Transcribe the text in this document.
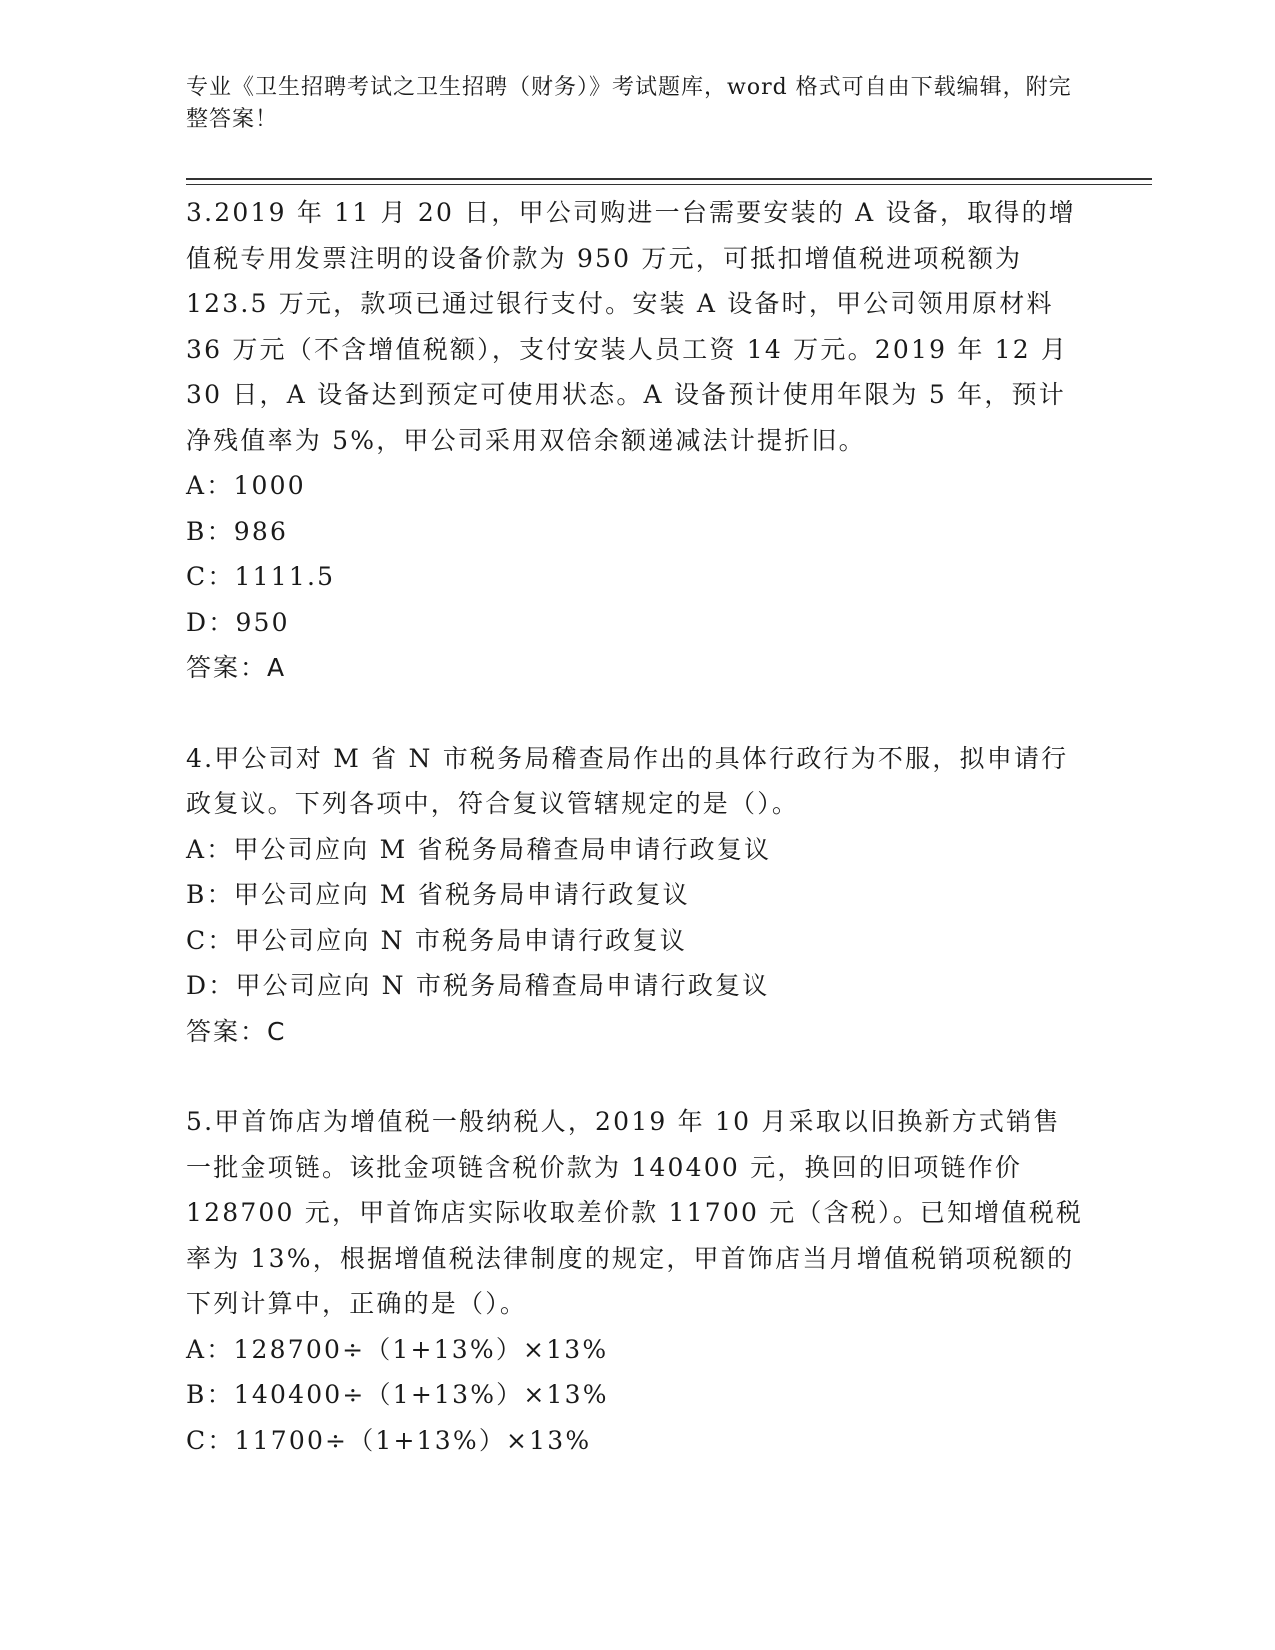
专业《卫生招聘考试之卫生招聘（财务）》考试题库，word 格式可自由下载编辑，附完整答案！

3.2019 年 11 月 20 日，甲公司购进一台需要安装的 A 设备，取得的增值税专用发票注明的设备价款为 950 万元，可抵扣增值税进项税额为 123.5 万元，款项已通过银行支付。安装 A 设备时，甲公司领用原材料 36 万元（不含增值税额），支付安装人员工资 14 万元。2019 年 12 月 30 日，A 设备达到预定可使用状态。A 设备预计使用年限为 5 年，预计净残值率为 5%，甲公司采用双倍余额递减法计提折旧。

A：1000

B：986

C：1111.5

D：950

答案：A

4.甲公司对 M 省 N 市税务局稽查局作出的具体行政行为不服，拟申请行政复议。下列各项中，符合复议管辖规定的是（）。

A：甲公司应向 M 省税务局稽查局申请行政复议

B：甲公司应向 M 省税务局申请行政复议

C：甲公司应向 N 市税务局申请行政复议

D：甲公司应向 N 市税务局稽查局申请行政复议

答案：C

5.甲首饰店为增值税一般纳税人，2019 年 10 月采取以旧换新方式销售一批金项链。该批金项链含税价款为 140400 元，换回的旧项链作价 128700 元，甲首饰店实际收取差价款 11700 元（含税）。已知增值税税率为 13%，根据增值税法律制度的规定，甲首饰店当月增值税销项税额的下列计算中，正确的是（）。

A：128700÷（1+13%）×13%

B：140400÷（1+13%）×13%

C：11700÷（1+13%）×13%
